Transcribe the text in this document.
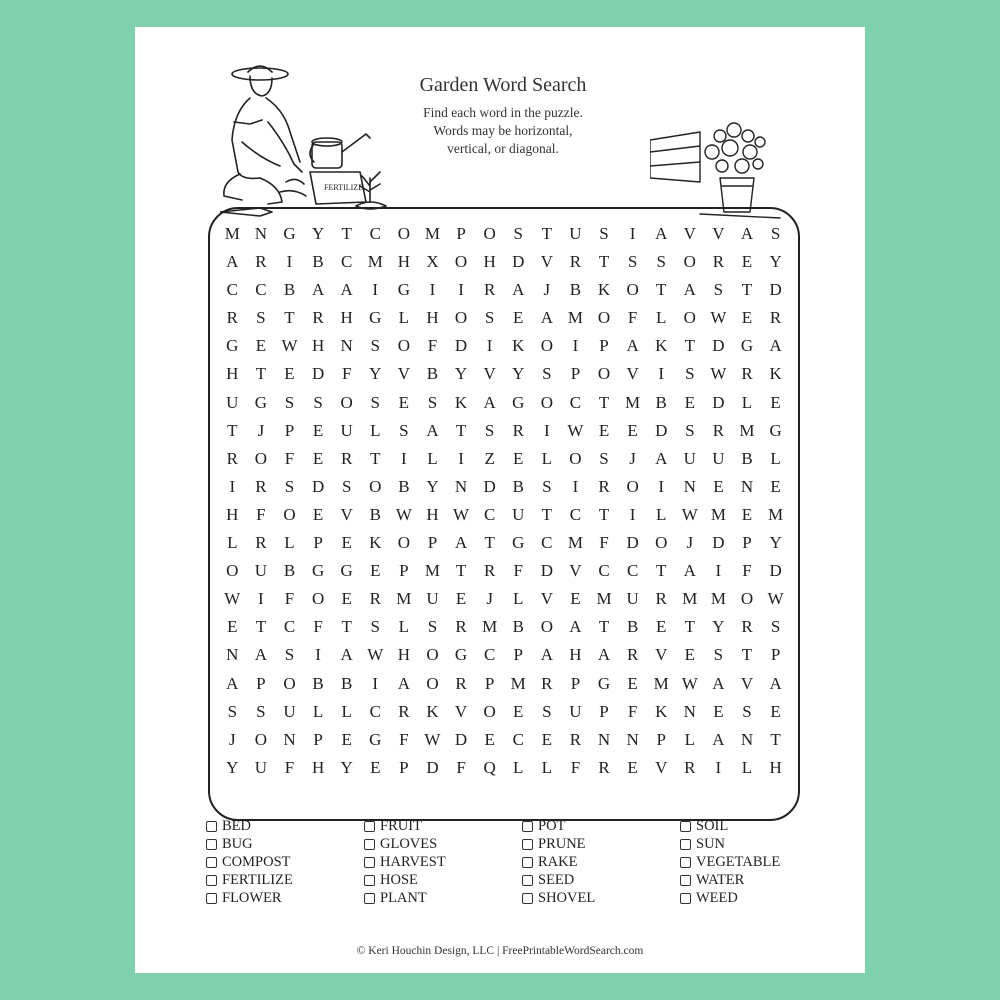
FERTILIZE
Garden Word Search
Find each word in the puzzle.
Words may be horizontal,
vertical, or diagonal.
M N G Y	T	C O M P	O	S	T	U	S	I	A V V A	S
A R	I	B	C M H X O H D V R	T	S	S	O R	E	Y
C	C	B A A	I	G	I	I	R A	J	B K O	T	A	S	T	D
R	S	T	R H G	L	H O	S	E	A M O	F	L	O W E	R
G	E W H N	S	O	F	D	I	K O	I	P	A K	T	D G A
H	T	E	D	F	Y V B Y V Y	S	P	O V	I	S W R K
U G	S	S	O	S	E	S	K A G O C	T M B	E	D	L	E
T	J	P	E	U	L	S	A	T	S	R	I	W E	E	D	S	R M G
R O	F	E	R	T	I	L	I	Z	E	L	O	S	J	A U U B	L
I	R	S	D	S	O B Y N D B	S	I	R O	I	N	E	N	E
H	F	O	E	V B W H W C U	T	C	T	I	L W M E M
L	R	L	P	E	K O	P	A	T	G C M F	D O	J	D	P	Y
O U B G G	E	P M T	R	F	D V C	C	T	A	I	F	D
W	I	F	O	E	R M U	E	J	L	V	E M U R M M O W
E	T	C	F	T	S	L	S	R M B O A	T	B	E	T	Y R	S
N A	S	I	A W H O G C	P	A H A R V	E	S	T	P
A	P	O B	B	I	A O R	P M R	P	G	E M W A V A
S	S	U	L	L	C	R K V O	E	S	U	P	F	K N	E	S	E
J	O N	P	E	G	F W D	E	C	E	R N N	P	L	A N	T
Y U	F	H Y	E	P	D	F	Q	L	L	F	R	E	V R	I	L	H
BED
BUG
COMPOST
FERTILIZE
FLOWER
FRUIT
GLOVES
HARVEST
HOSE
PLANT
POT
PRUNE
RAKE
SEED
SHOVEL
SOIL
SUN
VEGETABLE
WATER
WEED
© Keri Houchin Design, LLC | FreePrintableWordSearch.com
